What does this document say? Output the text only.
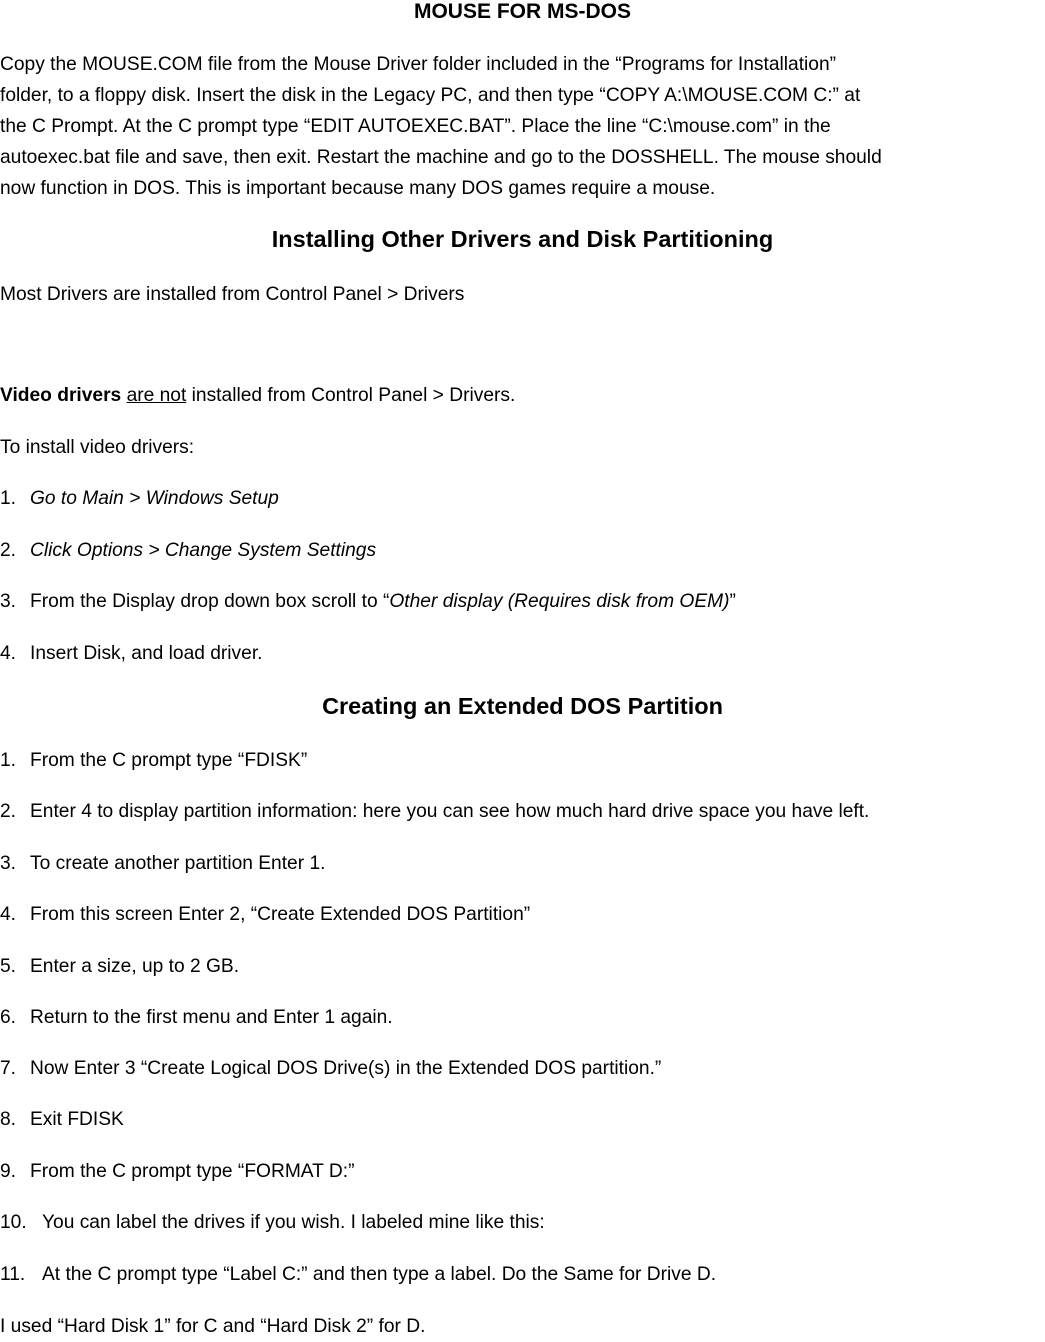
MOUSE FOR MS-DOS

Copy the MOUSE.COM file from the Mouse Driver folder included in the “Programs for Installation”

folder, to a floppy disk. Insert the disk in the Legacy PC, and then type “COPY A:\MOUSE.COM C:” at

the C Prompt. At the C prompt type “EDIT AUTOEXEC.BAT”. Place the line “C:\mouse.com” in the

autoexec.bat file and save, then exit. Restart the machine and go to the DOSSHELL. The mouse should

now function in DOS. This is important because many DOS games require a mouse.

Installing Other Drivers and Disk Partitioning

Most Drivers are installed from Control Panel > Drivers

Video drivers are not installed from Control Panel > Drivers.

To install video drivers:

1. Go to Main > Windows Setup

2. Click Options > Change System Settings

3. From the Display drop down box scroll to “Other display (Requires disk from OEM)”

4. Insert Disk, and load driver.

Creating an Extended DOS Partition

1. From the C prompt type “FDISK”

2. Enter 4 to display partition information: here you can see how much hard drive space you have left.

3. To create another partition Enter 1.

4. From this screen Enter 2, “Create Extended DOS Partition”

5. Enter a size, up to 2 GB.

6. Return to the first menu and Enter 1 again.

7. Now Enter 3 “Create Logical DOS Drive(s) in the Extended DOS partition.”

8. Exit FDISK

9. From the C prompt type “FORMAT D:”

10. You can label the drives if you wish. I labeled mine like this:

11. At the C prompt type “Label C:” and then type a label. Do the Same for Drive D.

I used “Hard Disk 1” for C and “Hard Disk 2” for D.
